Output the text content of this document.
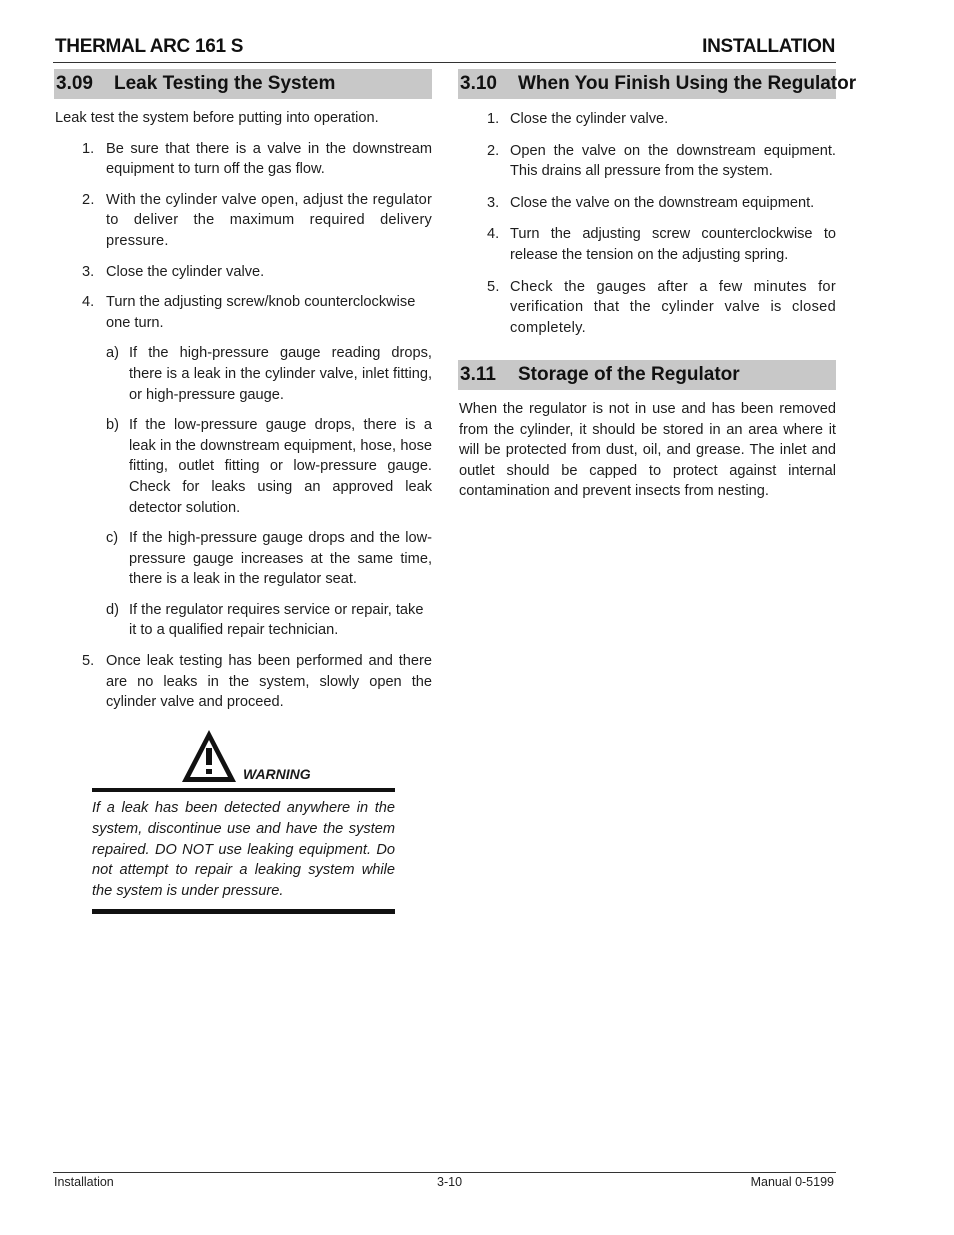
THERMAL ARC 161 S	INSTALLATION
3.09 Leak Testing the System

Leak test the system before putting into operation.

1. Be sure that there is a valve in the downstream equipment to turn off the gas flow.
2. With the cylinder valve open, adjust the regulator to deliver the maximum required delivery pressure.
3. Close the cylinder valve.
4. Turn the adjusting screw/knob counterclockwise one turn.
a) If the high-pressure gauge reading drops, there is a leak in the cylinder valve, inlet fitting, or high-pressure gauge.
b) If the low-pressure gauge drops, there is a leak in the downstream equipment, hose, hose fitting, outlet fitting or low-pressure gauge. Check for leaks using an approved leak detector solution.
c) If the high-pressure gauge drops and the low-pressure gauge increases at the same time, there is a leak in the regulator seat.
d) If the regulator requires service or repair, take it to a qualified repair technician.
5. Once leak testing has been performed and there are no leaks in the system, slowly open the cylinder valve and proceed.
WARNING
If a leak has been detected anywhere in the system, discontinue use and have the system repaired. DO NOT use leaking equipment. Do not attempt to repair a leaking system while the system is under pressure.
3.10 When You Finish Using the Regulator
1. Close the cylinder valve.
2. Open the valve on the downstream equipment. This drains all pressure from the system.
3. Close the valve on the downstream equipment.
4. Turn the adjusting screw counterclockwise to release the tension on the adjusting spring.
5. Check the gauges after a few minutes for verification that the cylinder valve is closed completely.
3.11 Storage of the Regulator

When the regulator is not in use and has been removed from the cylinder, it should be stored in an area where it will be protected from dust, oil, and grease. The inlet and outlet should be capped to protect against internal contamination and prevent insects from nesting.

Installation	3-10	Manual 0-5199
